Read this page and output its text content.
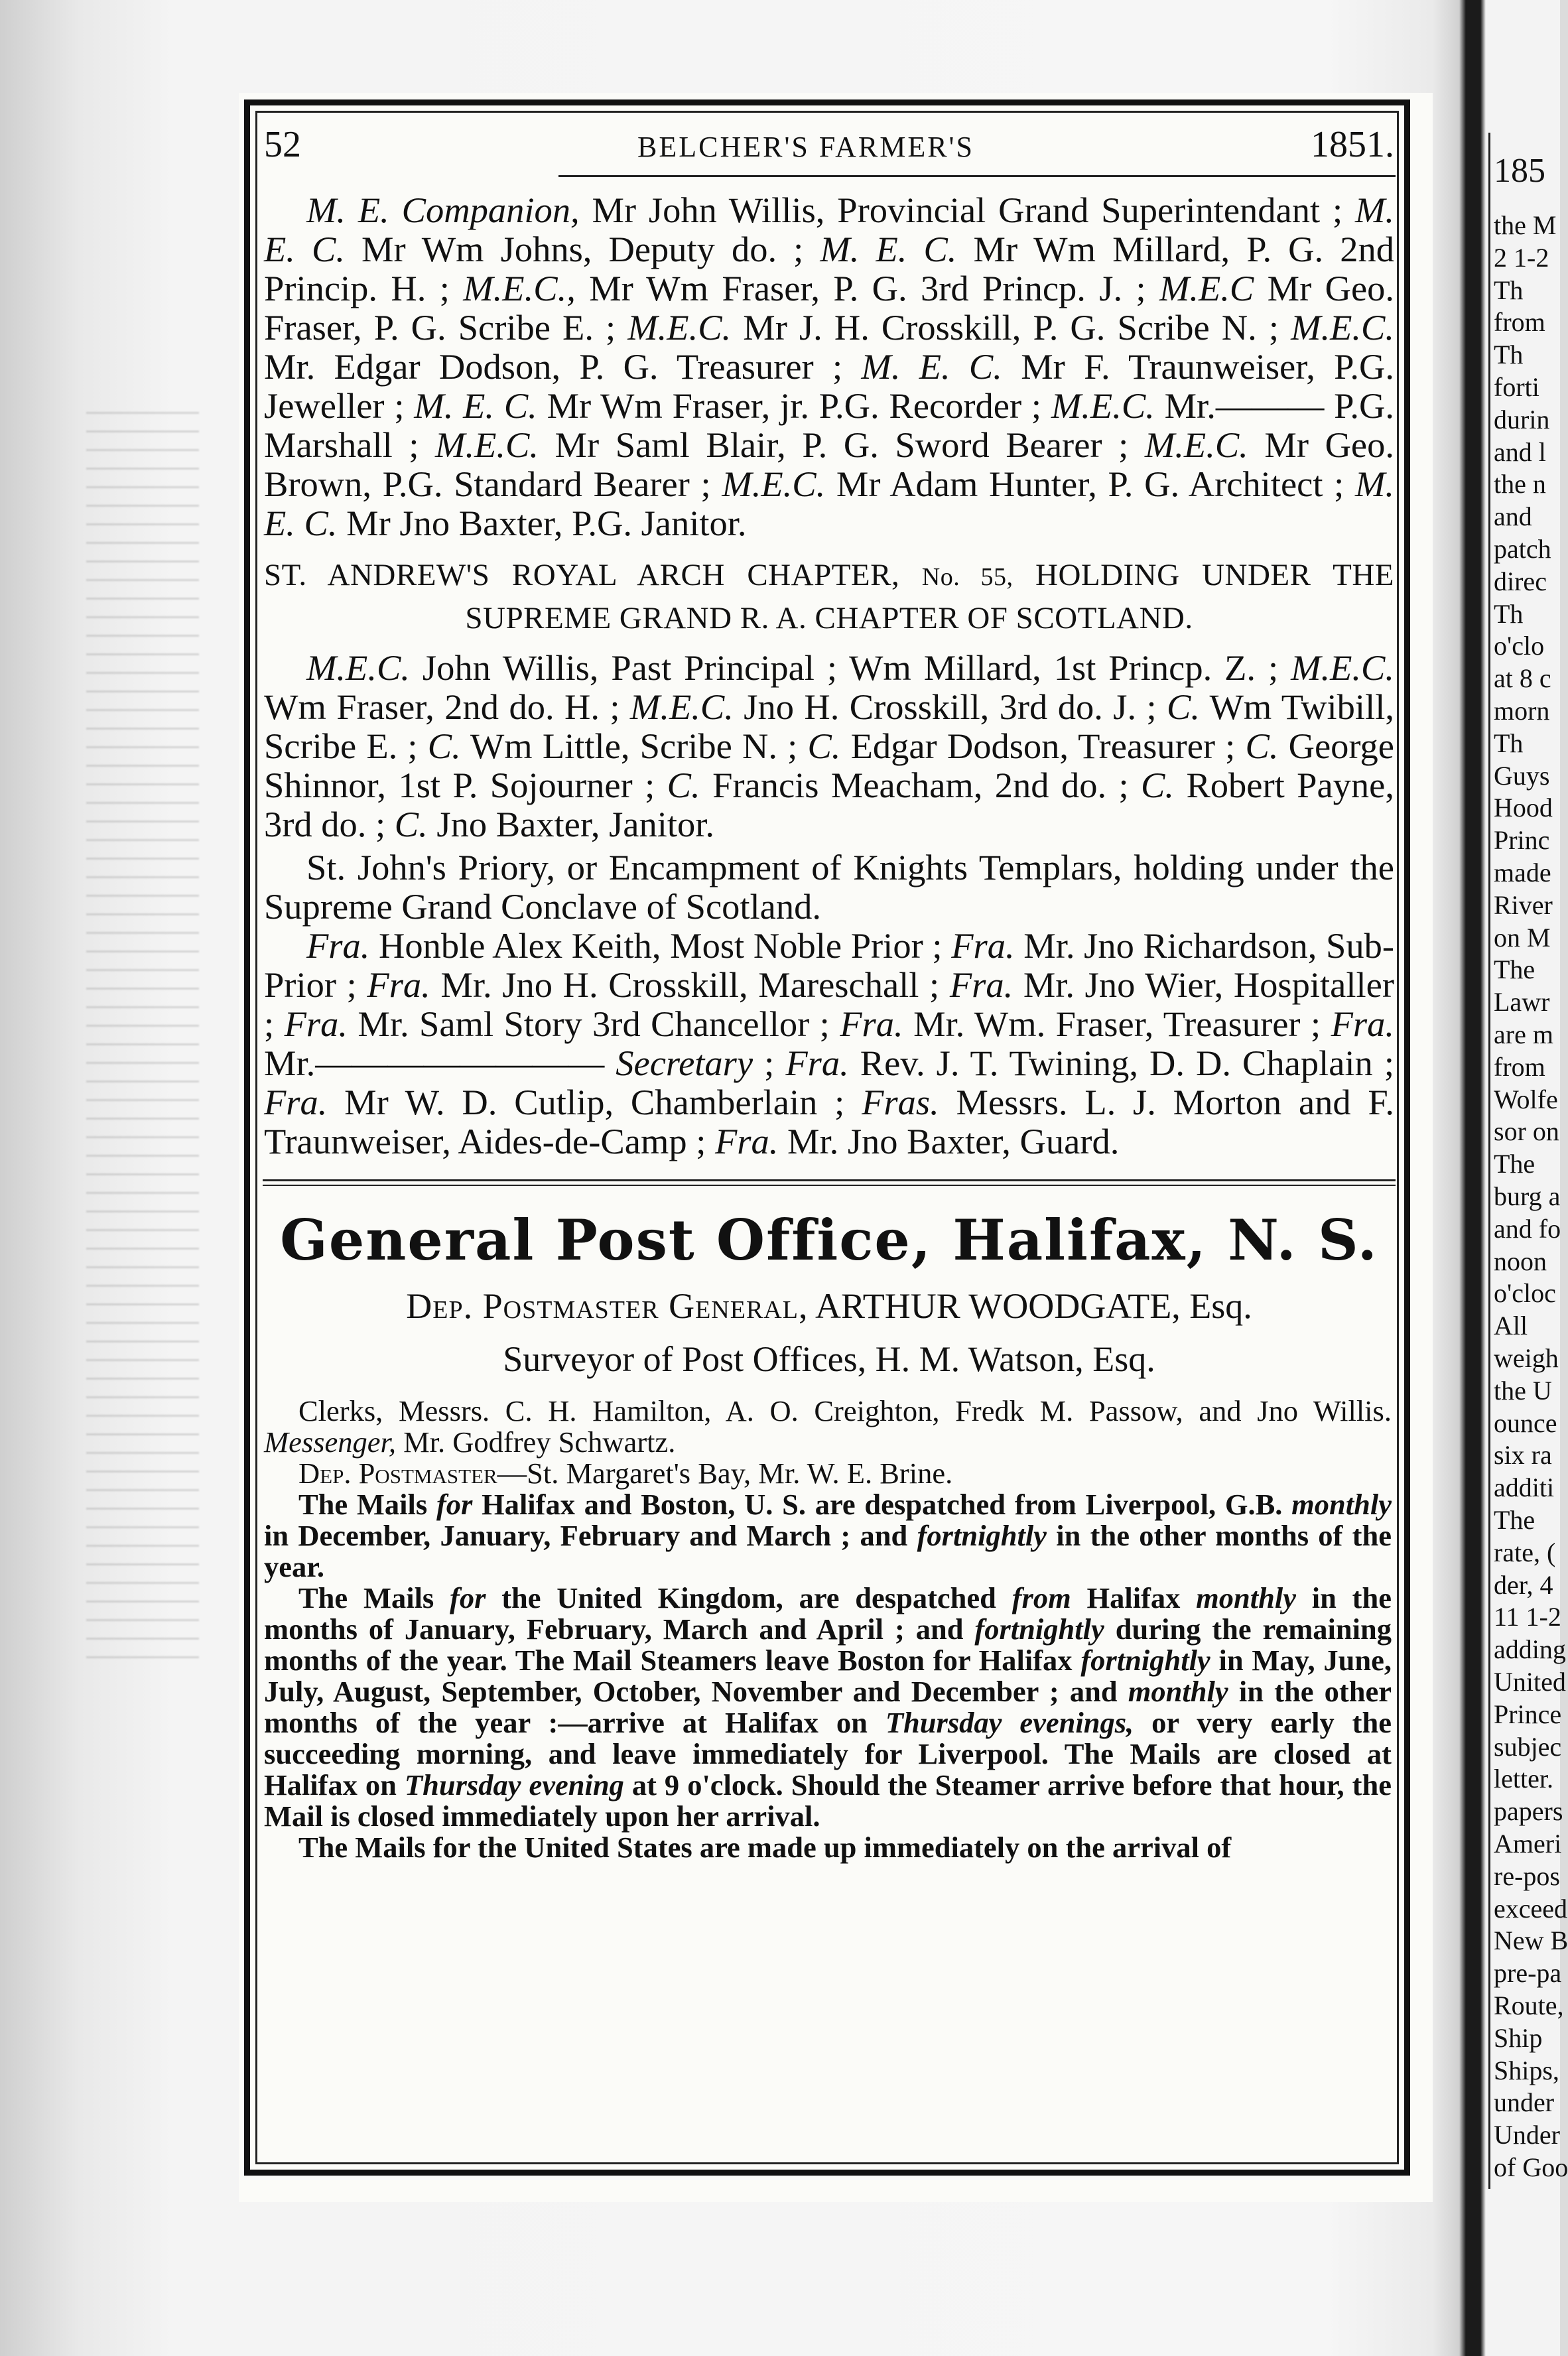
52	BELCHER'S FARMER'S	1851.

M. E. Companion, Mr John Willis, Provincial Grand Superintendant ; M. E. C. Mr Wm Johns, Deputy do. ; M. E. C. Mr Wm Millard, P. G. 2nd Princip. H. ; M.E.C., Mr Wm Fraser, P. G. 3rd Princp. J. ; M.E.C Mr Geo. Fraser, P. G. Scribe E. ; M.E.C. Mr J. H. Crosskill, P. G. Scribe N. ; M.E.C. Mr. Edgar Dodson, P. G. Treasurer ; M. E. C. Mr F. Traunweiser, P.G. Jeweller ; M. E. C. Mr Wm Fraser, jr. P.G. Recorder ; M.E.C. Mr.——— P.G. Marshall ; M.E.C. Mr Saml Blair, P. G. Sword Bearer ; M.E.C. Mr Geo. Brown, P.G. Standard Bearer ; M.E.C. Mr Adam Hunter, P. G. Architect ; M. E. C. Mr Jno Baxter, P.G. Janitor.

ST. ANDREW'S ROYAL ARCH CHAPTER, No. 55, HOLDING UNDER THE SUPREME GRAND R. A. CHAPTER OF SCOTLAND.

M.E.C. John Willis, Past Principal ; Wm Millard, 1st Princp. Z. ; M.E.C. Wm Fraser, 2nd do. H. ; M.E.C. Jno H. Crosskill, 3rd do. J. ; C. Wm Twibill, Scribe E. ; C. Wm Little, Scribe N. ; C. Edgar Dodson, Treasurer ; C. George Shinnor, 1st P. Sojourner ; C. Francis Meacham, 2nd do. ; C. Robert Payne, 3rd do. ; C. Jno Baxter, Janitor.

St. John's Priory, or Encampment of Knights Templars, holding under the Supreme Grand Conclave of Scotland.

Fra. Honble Alex Keith, Most Noble Prior ; Fra. Mr. Jno Richardson, Sub-Prior ; Fra. Mr. Jno H. Crosskill, Mareschall ; Fra. Mr. Jno Wier, Hospitaller ; Fra. Mr. Saml Story 3rd Chancellor ; Fra. Mr. Wm. Fraser, Treasurer ; Fra. Mr.———————— Secretary ; Fra. Rev. J. T. Twining, D. D. Chaplain ; Fra. Mr W. D. Cutlip, Chamberlain ; Fras. Messrs. L. J. Morton and F. Traunweiser, Aides-de-Camp ; Fra. Mr. Jno Baxter, Guard.

General Post Office, Halifax, N. S.
Dep. Postmaster General, ARTHUR WOODGATE, Esq.
Surveyor of Post Offices, H. M. Watson, Esq.

Clerks, Messrs. C. H. Hamilton, A. O. Creighton, Fredk M. Passow, and Jno Willis. Messenger, Mr. Godfrey Schwartz.

Dep. Postmaster—St. Margaret's Bay, Mr. W. E. Brine.

The Mails for Halifax and Boston, U. S. are despatched from Liverpool, G.B. monthly in December, January, February and March ; and fortnightly in the other months of the year.

The Mails for the United Kingdom, are despatched from Halifax monthly in the months of January, February, March and April ; and fortnightly during the remaining months of the year. The Mail Steamers leave Boston for Halifax fortnightly in May, June, July, August, September, October, November and December ; and monthly in the other months of the year :—arrive at Halifax on Thursday evenings, or very early the succeeding morning, and leave immediately for Liverpool. The Mails are closed at Halifax on Thursday evening at 9 o'clock. Should the Steamer arrive before that hour, the Mail is closed immediately upon her arrival.

The Mails for the United States are made up immediately on the arrival of

185
the M
2 1-2
Th
from
Th
forti
durin
and l
the n
and
patch
direc
Th
o'clo
at 8 c
morn
Th
Guys
Hood
Princ
made
River
on M
The
Lawr
are m
from
Wolfe
sor on
The
burg a
and fo
noon
o'cloc
All
weigh
the U
ounce
six ra
additi
The
rate, (
der, 4
11 1-2
adding
United
Prince
subjec
letter.
papers
Ameri
re-pos
exceed
New B
pre-pa
Route,
Ship
Ships,
under
Under
of Goo
